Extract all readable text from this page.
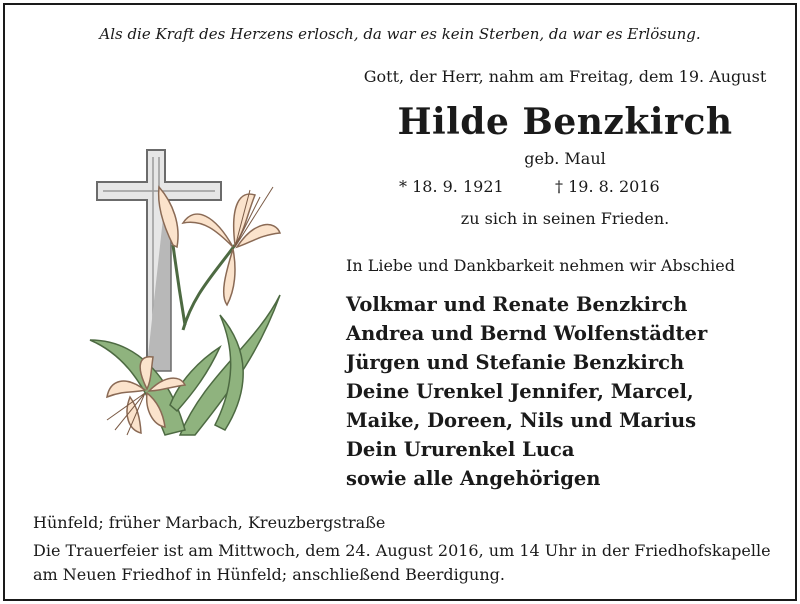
Als die Kraft des Herzens erlosch, da war es kein Sterben, da war es Erlösung.
Gott, der Herr, nahm am Freitag, dem 19. August
Hilde Benzkirch
geb. Maul
* 18. 9. 1921	† 19. 8. 2016
zu sich in seinen Frieden.
In Liebe und Dankbarkeit nehmen wir Abschied
Volkmar und Renate Benzkirch
Andrea und Bernd Wolfenstädter
Jürgen und Stefanie Benzkirch
Deine Urenkel Jennifer, Marcel,
Maike, Doreen, Nils und Marius
Dein Ururenkel Luca
sowie alle Angehörigen
Hünfeld; früher Marbach, Kreuzbergstraße
Die Trauerfeier ist am Mittwoch, dem 24. August 2016, um 14 Uhr in der Friedhofskapelle
am Neuen Friedhof in Hünfeld; anschließend Beerdigung.
